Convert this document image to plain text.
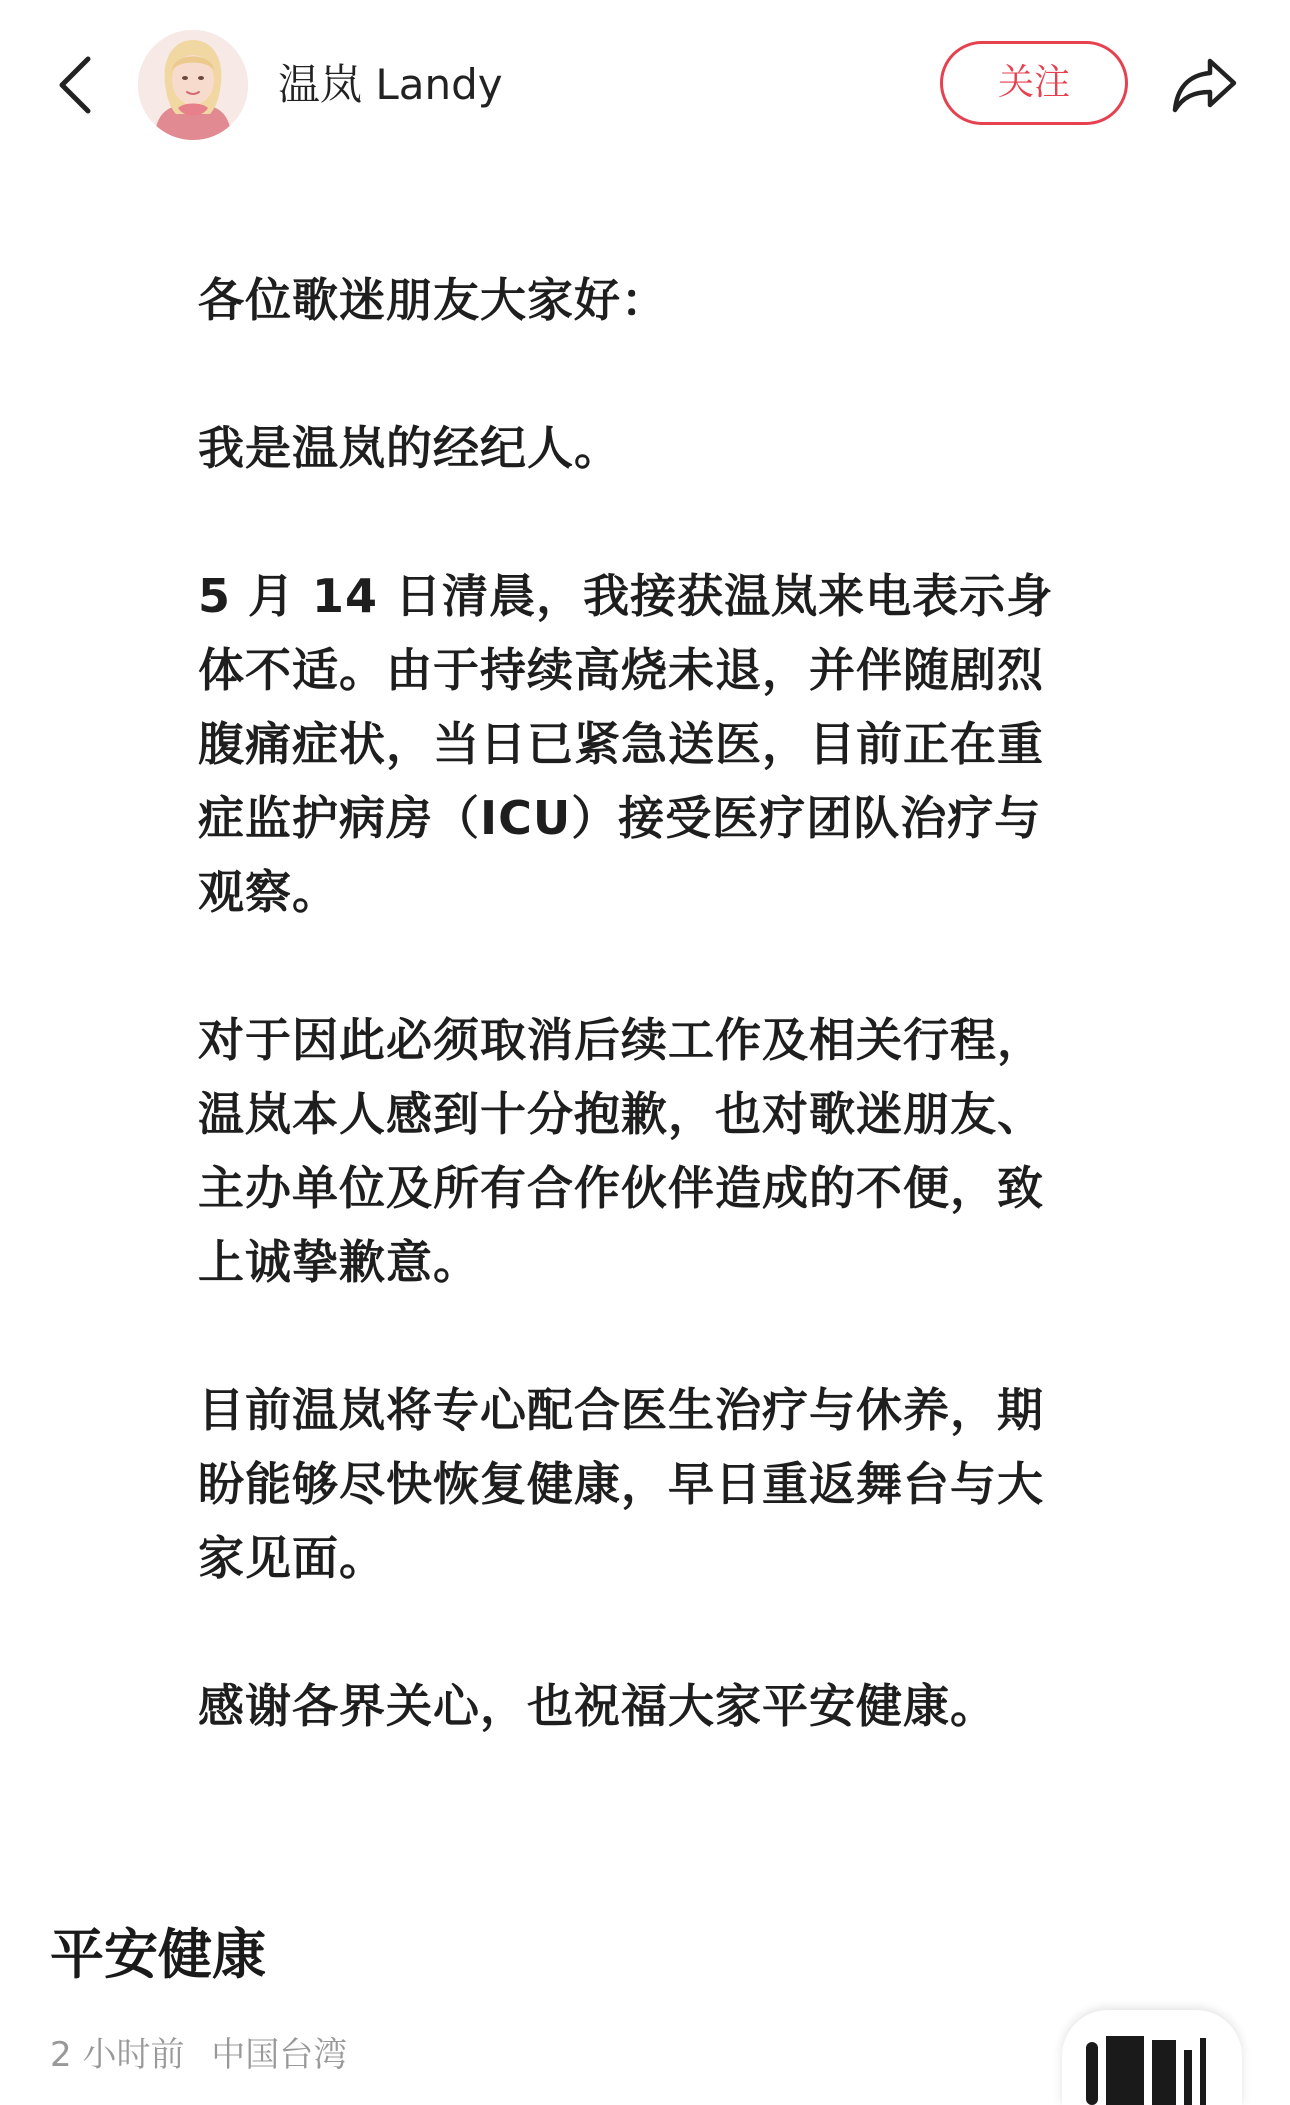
温岚 Landy	关注
各位歌迷朋友大家好：
我是温岚的经纪人。
5 月 14 日清晨，我接获温岚来电表示身
体不适。由于持续高烧未退，并伴随剧烈
腹痛症状，当日已紧急送医，目前正在重
症监护病房（ICU）接受医疗团队治疗与
观察。
对于因此必须取消后续工作及相关行程，
温岚本人感到十分抱歉，也对歌迷朋友、
主办单位及所有合作伙伴造成的不便，致
上诚挚歉意。
目前温岚将专心配合医生治疗与休养，期
盼能够尽快恢复健康，早日重返舞台与大
家见面。
感谢各界关心，也祝福大家平安健康。
平安健康
2 小时前 中国台湾
